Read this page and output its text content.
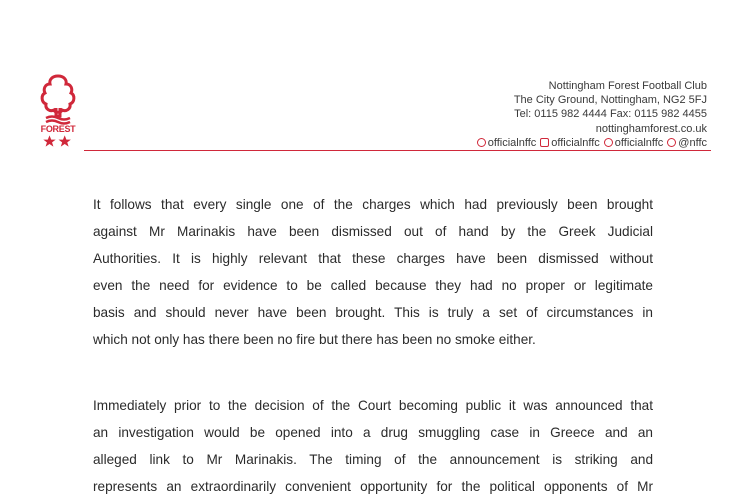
FOREST
Nottingham Forest Football Club
The City Ground, Nottingham, NG2 5FJ
Tel: 0115 982 4444 Fax: 0115 982 4455
nottinghamforest.co.uk
officialnffc officialnffc officialnffc @nffc

It follows that every single one of the charges which had previously been brought
against Mr Marinakis have been dismissed out of hand by the Greek Judicial
Authorities. It is highly relevant that these charges have been dismissed without
even the need for evidence to be called because they had no proper or legitimate
basis and should never have been brought. This is truly a set of circumstances in
which not only has there been no fire but there has been no smoke either.

Immediately prior to the decision of the Court becoming public it was announced that
an investigation would be opened into a drug smuggling case in Greece and an
alleged link to Mr Marinakis. The timing of the announcement is striking and
represents an extraordinarily convenient opportunity for the political opponents of Mr
